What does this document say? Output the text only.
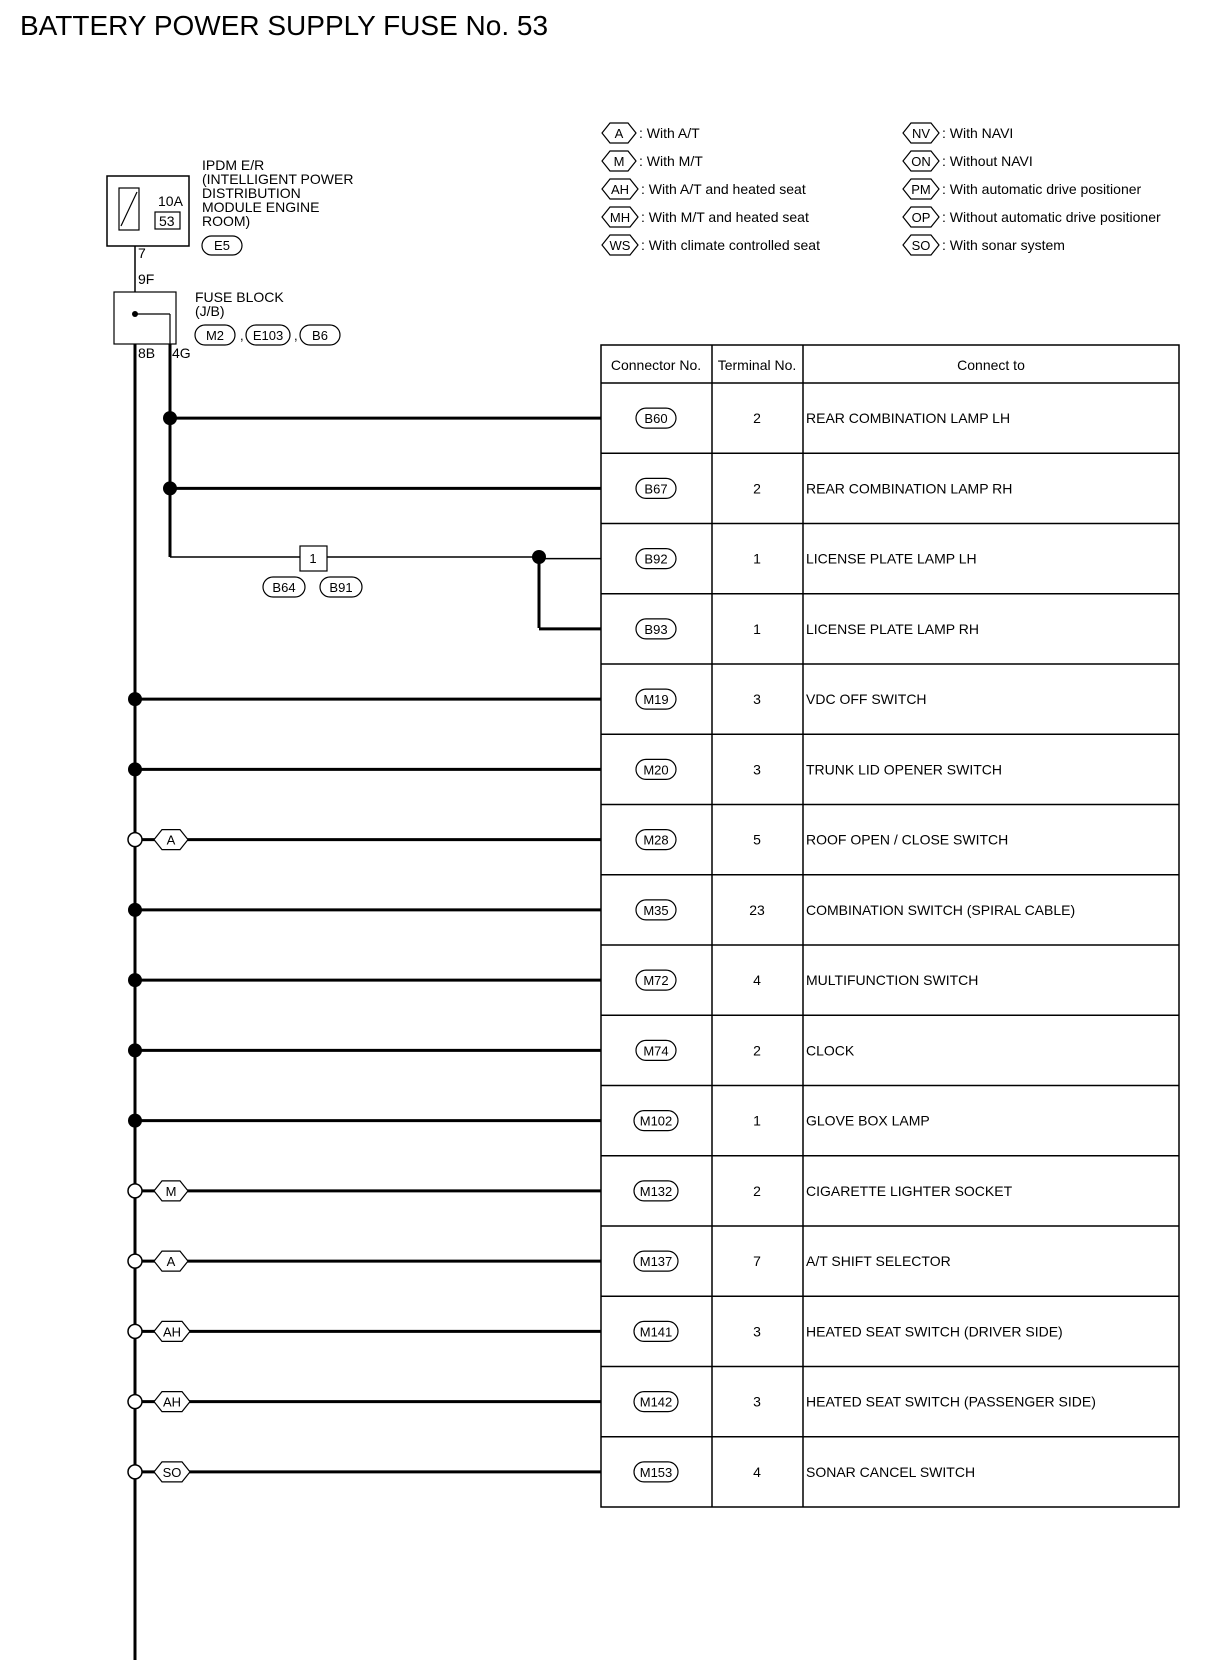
BATTERY POWER SUPPLY FUSE No. 53
A : With A/T
M : With M/T
AH : With A/T and heated seat
MH : With M/T and heated seat
WS : With climate controlled seat
NV : With NAVI
ON : Without NAVI
PM : With automatic drive positioner
OP : Without automatic drive positioner
SO : With sonar system
10A
53
IPDM E/R
(INTELLIGENT POWER
DISTRIBUTION
MODULE ENGINE
ROOM)
E5
7
9F
8B 4G
FUSE BLOCK
(J/B)
M2 , E103 , B6
1
B64	B91
Connector No. Terminal No.	Connect to
B60	2	REAR COMBINATION LAMP LH
B67	2	REAR COMBINATION LAMP RH
B92	1	LICENSE PLATE LAMP LH
B93	1	LICENSE PLATE LAMP RH
M19	3	VDC OFF SWITCH
M20	3	TRUNK LID OPENER SWITCH
M28	5	ROOF OPEN / CLOSE SWITCH
A
M35	23	COMBINATION SWITCH (SPIRAL CABLE)
M72	4	MULTIFUNCTION SWITCH
M74	2	CLOCK
M102	1	GLOVE BOX LAMP
M132	2	CIGARETTE LIGHTER SOCKET
M
M137	7	A/T SHIFT SELECTOR
A
M141	3	HEATED SEAT SWITCH (DRIVER SIDE)
AH
M142	3	HEATED SEAT SWITCH (PASSENGER SIDE)
AH
M153	4	SONAR CANCEL SWITCH
SO
